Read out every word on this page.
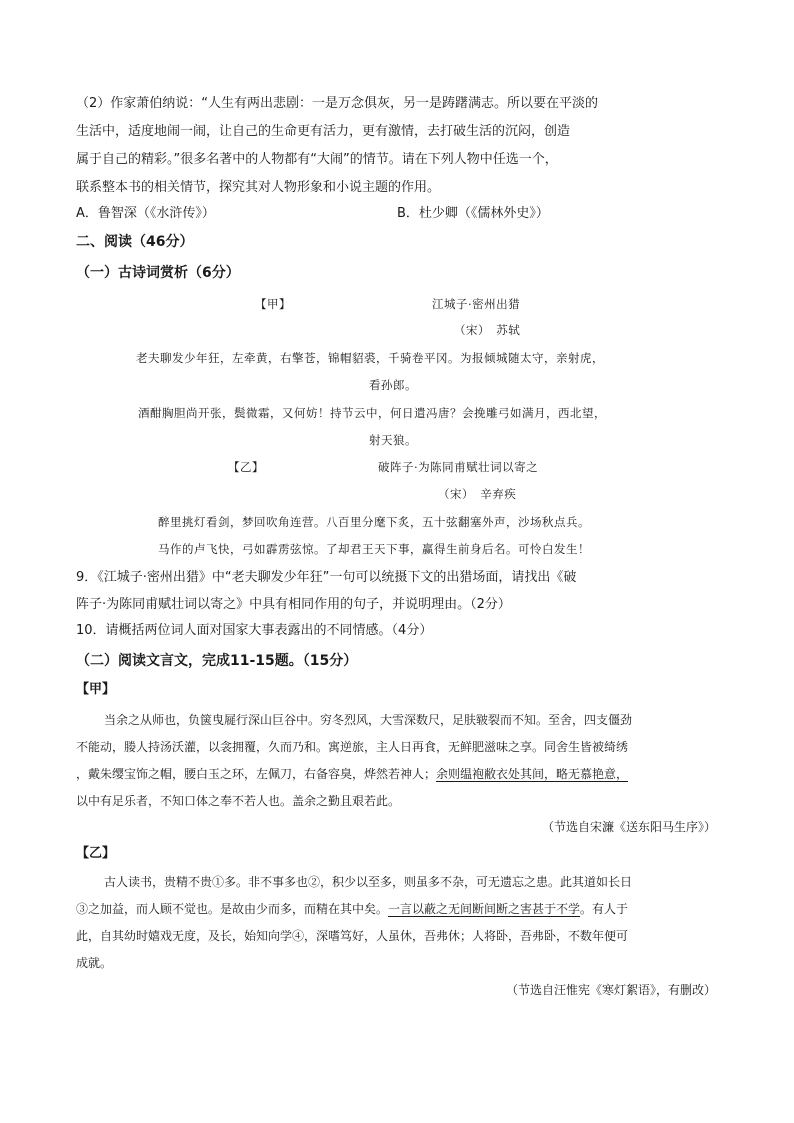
（2）作家萧伯纳说：“人生有两出悲剧：一是万念俱灰，另一是踌躇满志。所以要在平淡的
生活中，适度地闹一闹，让自己的生命更有活力，更有激情，去打破生活的沉闷，创造
属于自己的精彩。”很多名著中的人物都有“大闹”的情节。请在下列人物中任选一个，
联系整本书的相关情节，探究其对人物形象和小说主题的作用。
A．鲁智深（《水浒传》）	B．杜少卿（《儒林外史》）
二、阅读（46分）
（一）古诗词赏析（6分）
【甲】	江城子·密州出猎
（宋）　苏轼
老夫聊发少年狂，左牵黄，右擎苍，锦帽貂裘，千骑卷平冈。为报倾城随太守，亲射虎，
看孙郎。
酒酣胸胆尚开张，鬓微霜，又何妨！持节云中，何日遣冯唐？会挽雕弓如满月，西北望，
射天狼。
【乙】	破阵子·为陈同甫赋壮词以寄之
（宋）　辛弃疾
醉里挑灯看剑，梦回吹角连营。八百里分麾下炙，五十弦翻塞外声，沙场秋点兵。
马作的卢飞快，弓如霹雳弦惊。了却君王天下事，赢得生前身后名。可怜白发生！
9．《江城子·密州出猎》中“老夫聊发少年狂”一句可以统摄下文的出猎场面，请找出《破
阵子·为陈同甫赋壮词以寄之》中具有相同作用的句子，并说明理由。（2分）
10．请概括两位词人面对国家大事表露出的不同情感。（4分）
（二）阅读文言文，完成11-15题。（15分）
【甲】
当余之从师也，负箧曳屣行深山巨谷中。穷冬烈风，大雪深数尺，足肤皲裂而不知。至舍，四支僵劲
不能动，媵人持汤沃灌，以衾拥覆，久而乃和。寓逆旅，主人日再食，无鲜肥滋味之享。同舍生皆被绮绣
，戴朱缨宝饰之帽，腰白玉之环，左佩刀，右备容臭，烨然若神人；余则缊袍敝衣处其间，略无慕艳意，
以中有足乐者，不知口体之奉不若人也。盖余之勤且艰若此。
（节选自宋濂《送东阳马生序》）
【乙】
古人读书，贵精不贵①多。非不事多也②，积少以至多，则虽多不杂，可无遗忘之患。此其道如长日
③之加益，而人顾不觉也。是故由少而多，而精在其中矣。一言以蔽之无间断间断之害甚于不学。有人于
此，自其幼时嬉戏无度，及长，始知向学④，深嗜笃好，人虽休，吾弗休；人将卧，吾弗卧，不数年便可
成就。
（节选自汪惟宪《寒灯絮语》，有删改）
